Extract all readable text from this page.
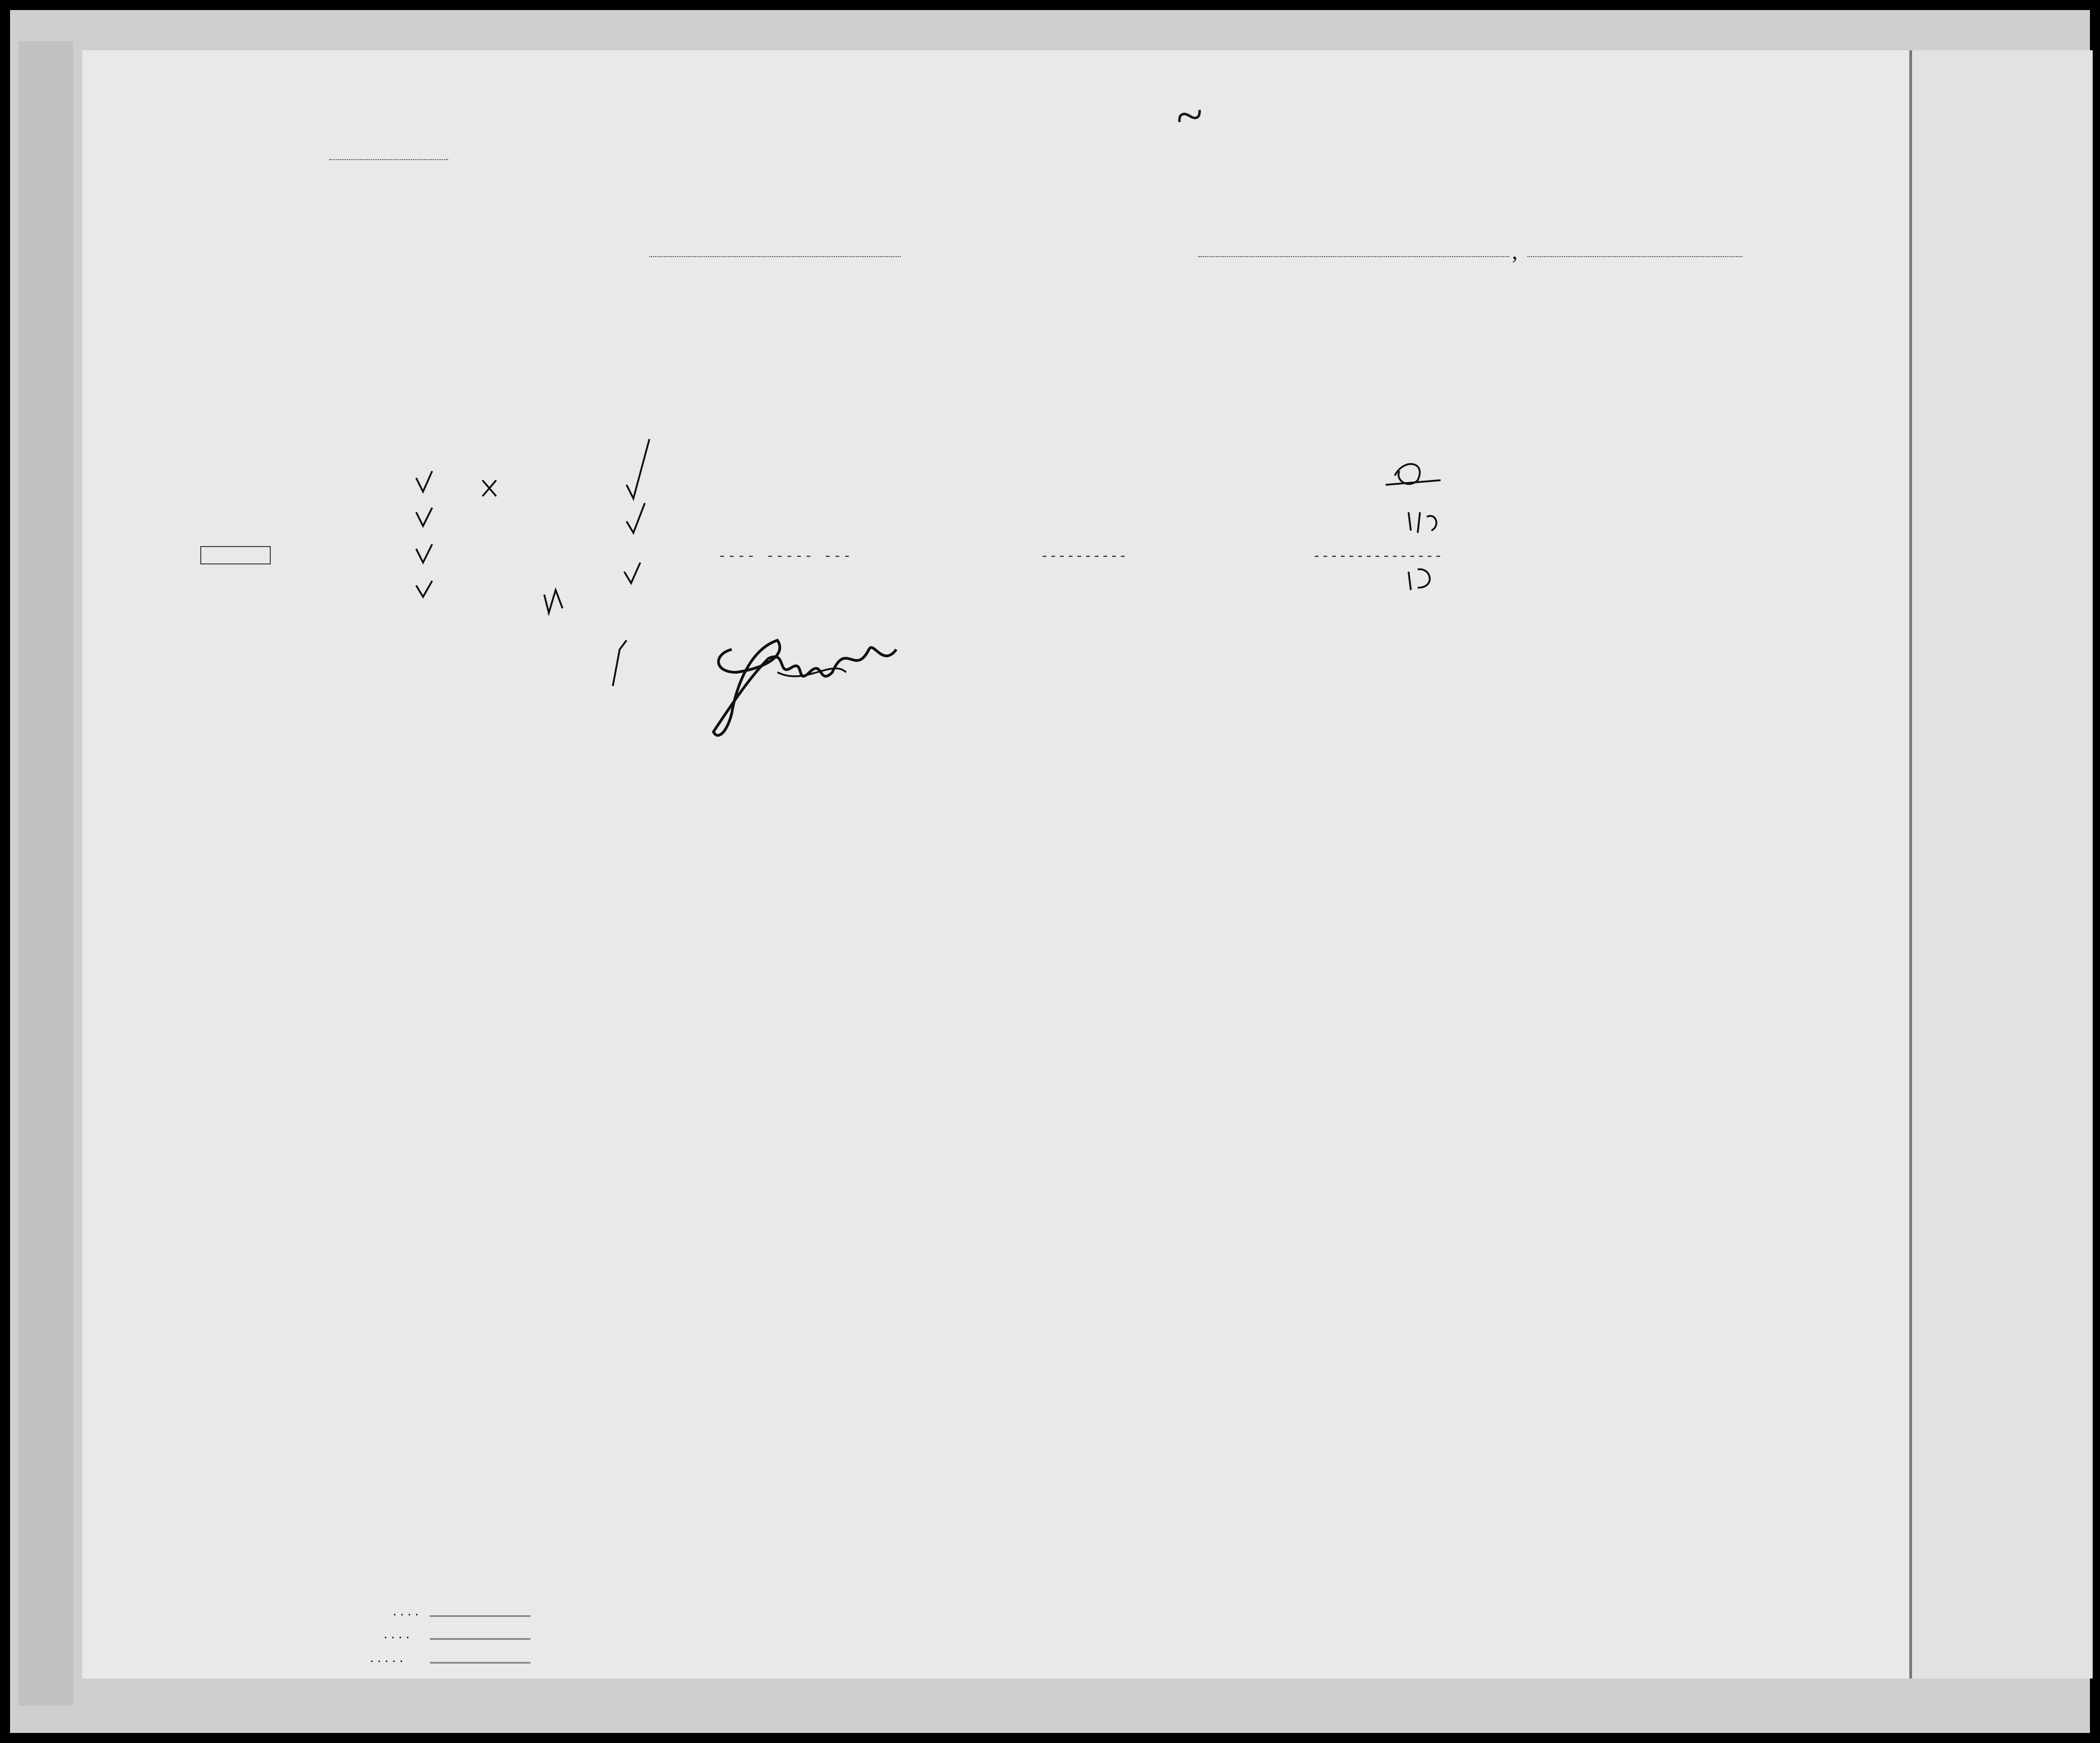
~
,
---- ----- ---	----------	---------------
....
....
.....
